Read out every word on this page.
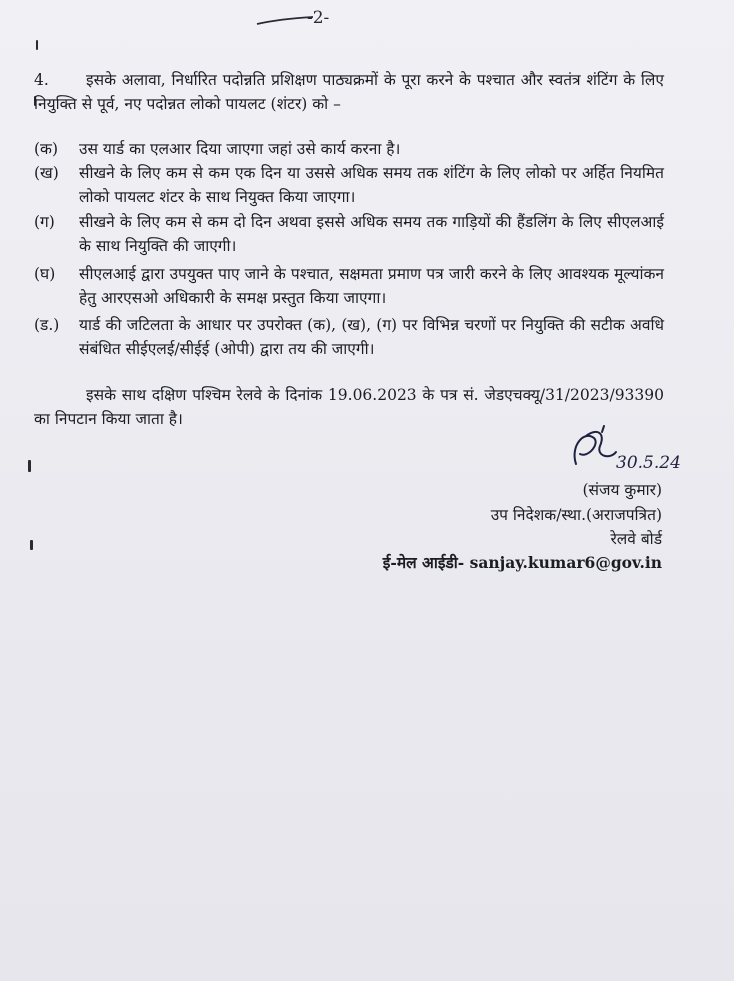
-2-
4. इसके अलावा, निर्धारित पदोन्नति प्रशिक्षण पाठ्यक्रमों के पूरा करने के पश्चात और स्वतंत्र शंटिंग के लिए नियुक्ति से पूर्व, नए पदोन्नत लोको पायलट (शंटर) को –
(क)	उस यार्ड का एलआर दिया जाएगा जहां उसे कार्य करना है।
(ख)	सीखने के लिए कम से कम एक दिन या उससे अधिक समय तक शंटिंग के लिए लोको पर अर्हित नियमित लोको पायलट शंटर के साथ नियुक्त किया जाएगा।
(ग)	सीखने के लिए कम से कम दो दिन अथवा इससे अधिक समय तक गाड़ियों की हैंडलिंग के लिए सीएलआई के साथ नियुक्ति की जाएगी।
(घ)	सीएलआई द्वारा उपयुक्त पाए जाने के पश्चात, सक्षमता प्रमाण पत्र जारी करने के लिए आवश्यक मूल्यांकन हेतु आरएसओ अधिकारी के समक्ष प्रस्तुत किया जाएगा।
(ड.)	यार्ड की जटिलता के आधार पर उपरोक्त (क), (ख), (ग) पर विभिन्न चरणों पर नियुक्ति की सटीक अवधि संबंधित सीईएलई/सीईई (ओपी) द्वारा तय की जाएगी।
इसके साथ दक्षिण पश्चिम रेलवे के दिनांक 19.06.2023 के पत्र सं. जेडएचक्यू/31/2023/93390 का निपटान किया जाता है।
30.5.24
(संजय कुमार)
उप निदेशक/स्था.(अराजपत्रित)
रेलवे बोर्ड
ई-मेल आईडी- sanjay.kumar6@gov.in
